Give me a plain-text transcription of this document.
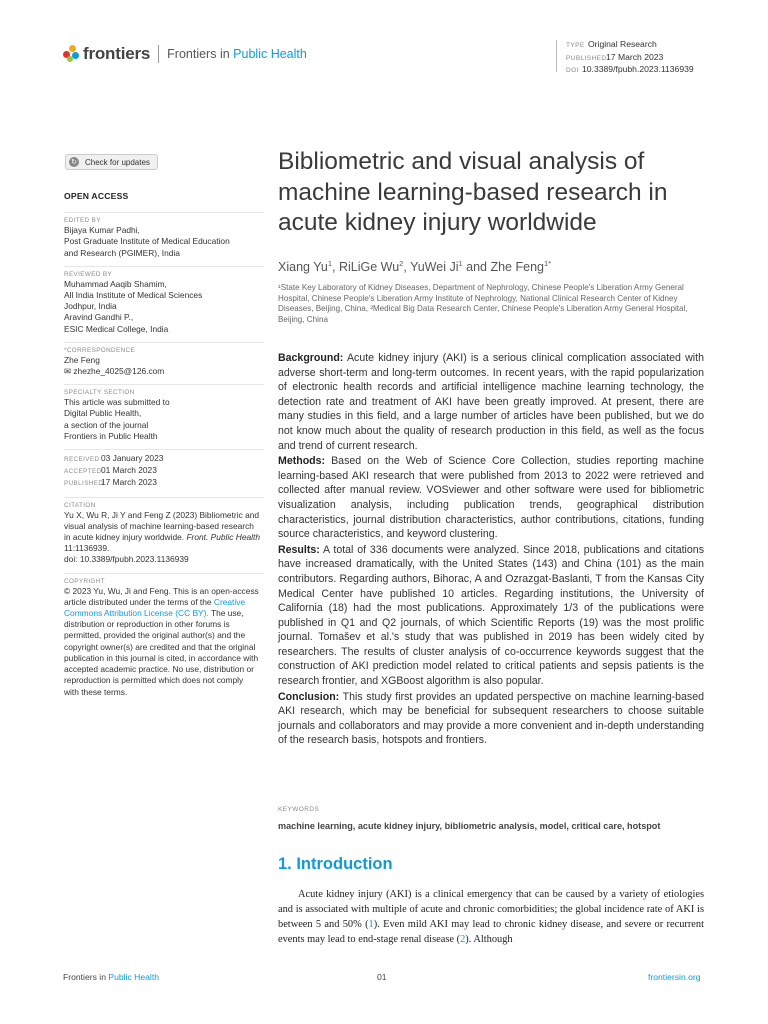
frontiers Frontiers in Public Health
TYPE Original Research
PUBLISHED17 March 2023
DOI 10.3389/fpubh.2023.1136939
↻ Check for updates
OPEN ACCESS
EDITED BY
Bijaya Kumar Padhi,
Post Graduate Institute of Medical Education
and Research (PGIMER), India
REVIEWED BY
Muhammad Aaqib Shamim,
All India Institute of Medical Sciences
Jodhpur, India
Aravind Gandhi P.,
ESIC Medical College, India
*CORRESPONDENCE
Zhe Feng
✉ zhezhe_4025@126.com
SPECIALTY SECTION
This article was submitted to
Digital Public Health,
a section of the journal
Frontiers in Public Health
RECEIVED 03 January 2023
ACCEPTED01 March 2023
PUBLISHED17 March 2023
CITATION
Yu X, Wu R, Ji Y and Feng Z (2023) Bibliometric and visual analysis of machine learning-based research in acute kidney injury worldwide. Front. Public Health 11:1136939.
doi: 10.3389/fpubh.2023.1136939
COPYRIGHT
© 2023 Yu, Wu, Ji and Feng. This is an open-access article distributed under the terms of the Creative Commons Attribution License (CC BY). The use, distribution or reproduction in other forums is permitted, provided the original author(s) and the copyright owner(s) are credited and that the original publication in this journal is cited, in accordance with accepted academic practice. No use, distribution or reproduction is permitted which does not comply with these terms.
Bibliometric and visual analysis of machine learning-based research in acute kidney injury worldwide
Xiang Yu$^1$, RiLiGe Wu$^2$, YuWei Ji$^1$ and Zhe Feng$^{1*}$
¹State Key Laboratory of Kidney Diseases, Department of Nephrology, Chinese People's Liberation Army General Hospital, Chinese People's Liberation Army Institute of Nephrology, National Clinical Research Center of Kidney Diseases, Beijing, China, ²Medical Big Data Research Center, Chinese People's Liberation Army General Hospital, Beijing, China

Background: Acute kidney injury (AKI) is a serious clinical complication associated with adverse short-term and long-term outcomes. In recent years, with the rapid popularization of electronic health records and artificial intelligence machine learning technology, the detection rate and treatment of AKI have been greatly improved. At present, there are many studies in this field, and a large number of articles have been published, but we do not know much about the quality of research production in this field, as well as the focus and trend of current research.

Methods: Based on the Web of Science Core Collection, studies reporting machine learning-based AKI research that were published from 2013 to 2022 were retrieved and collected after manual review. VOSviewer and other software were used for bibliometric visualization analysis, including publication trends, geographical distribution characteristics, journal distribution characteristics, author contributions, citations, funding source characteristics, and keyword clustering.

Results: A total of 336 documents were analyzed. Since 2018, publications and citations have increased dramatically, with the United States (143) and China (101) as the main contributors. Regarding authors, Bihorac, A and Ozrazgat-Baslanti, T from the Kansas City Medical Center have published 10 articles. Regarding institutions, the University of California (18) had the most publications. Approximately 1/3 of the publications were published in Q1 and Q2 journals, of which Scientific Reports (19) was the most prolific journal. Tomašev et al.'s study that was published in 2019 has been widely cited by researchers. The results of cluster analysis of co-occurrence keywords suggest that the construction of AKI prediction model related to critical patients and sepsis patients is the research frontier, and XGBoost algorithm is also popular.

Conclusion: This study first provides an updated perspective on machine learning-based AKI research, which may be beneficial for subsequent researchers to choose suitable journals and collaborators and may provide a more convenient and in-depth understanding of the research basis, hotspots and frontiers.

KEYWORDS
machine learning, acute kidney injury, bibliometric analysis, model, critical care, hotspot
1. Introduction
Acute kidney injury (AKI) is a clinical emergency that can be caused by a variety of etiologies and is associated with multiple of acute and chronic comorbidities; the global incidence rate of AKI is between 5 and 50% (1). Even mild AKI may lead to chronic kidney disease, and severe or recurrent events may lead to end-stage renal disease (2). Although
Frontiers in Public Health	01	frontiersin.org
